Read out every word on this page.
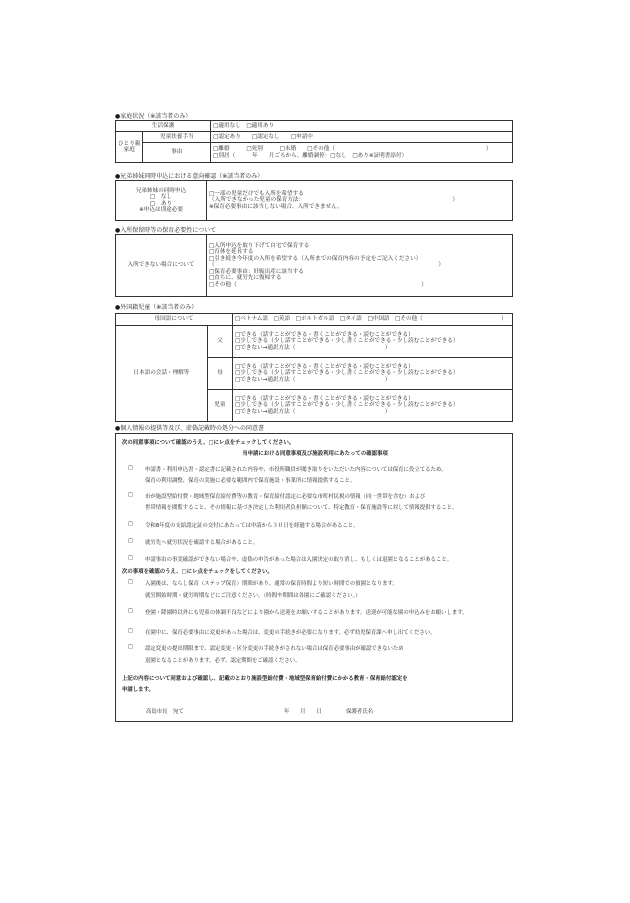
●家庭状況（※該当者のみ）
生活保護		□適用なし　□適用あり
ひとり親
家庭	児童扶養手当	□認定あり　　□認定なし　　□申請中
	事由	□離婚　　　□死別　　　□未婚　　□その他（　　　　　　　　　　　　　　　　　　　　　　　　　　　）
□別居（　　　年　　月ごろから、離婚調停：□なし　□あり※証明書添付）
●兄弟姉妹同時申込における意向確認（※該当者のみ）
兄弟姉妹の同時申込
□　なし
□　あり
※申込は別途必要

□一部の児童だけでも入所を希望する
（入所できなかった児童の保育方法：　　　　　　　　　　　　　　　　　　　　　　　　　　　）
※保育必要事由に該当しない場合、入所できません。
●入所保留時等の保育必要性について
入所できない場合について	
□入所申込を取り下げて自宅で保育する
□育休を延長する
□引き続き今年度の入所を希望する（入所までの保育内容の予定をご記入ください）
（　　　　　　　　　　　　　　　　　　　　　　　　　　　　　　　　　　　　　　　　）
□保育必要事由：妊娠出産に該当する
□直ちに、就労先に復帰する
□その他（　　　　　　　　　　　　　　　　　　　　　　　　　　　　　　　　　）
●外国籍児童（※該当者のみ）
母国語について		□ベトナム語　□英語　□ポルトガル語　□タイ語　□中国語　□その他（　　　　　　　　　　　　　　）
日本語の会話・理解等	父	□できる（話すことができる・書くことができる・読むことができる）
□少しできる（少し話すことができる・少し書くことができる・少し読むことができる）
□できない→通訳方法（　　　　　　　　　　　　　　　　）

	母	□できる（話すことができる・書くことができる・読むことができる）
□少しできる（少し話すことができる・少し書くことができる・少し読むことができる）
□できない→通訳方法（　　　　　　　　　　　　　　　　）

	児童	□できる（話すことができる・書くことができる・読むことができる）
□少しできる（少し話すことができる・少し書くことができる・少し読むことができる）
□できない→通訳方法（　　　　　　　　　　　　　　　　）
●個人情報の提供等及び、虚偽記載時の処分への同意書
次の同意事項について確認のうえ、□にレ点をチェックしてください。
当申請における同意事項及び施設利用にあたっての確認事項
□ 申請書・利用申込書・認定書に記載された内容や、市役所職員が聞き取りをいただいた内容については保育に役立てるため、
保育の利用調整、保育の実施に必要な範囲内で保育施設・事業所に情報提供すること。
□ 市が施設型給付費・地域型保育給付費等の教育・保育給付認定に必要な市町村民税の情報（同一世帯を含む）および
世帯情報を閲覧すること。その情報に基づき決定した利用者負担額について、特定教育・保育施設等に対して情報提供すること。
□ 令和8年度の支給認定証の交付にあたっては申請から３０日を経過する場合があること。
□ 就労先へ就労状況を確認する場合があること。
□ 申請事由の事実確認ができない場合や、虚偽の申告があった場合は入園決定の取り消し、もしくは退園となることがあること。
次の事項を確認のうえ、□にレ点をチェックをしてください。
□ 入園後は、ならし保育（ステップ保育）期間があり、通常の保育時間より短い時間での預園となります。
就労開始時期・就労時期などにご注意ください。（時間や期間は各園にご確認ください。）
□ 登園・降園時以外にも児童の体調不良などにより園から送迎をお願いすることがあります。送迎が可能な園の申込みをお願いします。
□ 在園中に、保育必要事由に変更があった場合は、変更の手続きが必要になります。必ず幼児保育課へ申し出てください。
□ 認定変更の提出期限まで、認定変更・区分変更の手続きがされない場合は保育必要事由が確認できないため
退園となることがあります。必ず、認定期間をご確認ください。
上記の内容について同意および確認し、記載のとおり施設型給付費・地域型保育給付費にかかる教育・保育給付認定を
申請します。
高島市長　宛て	年　　月　　日	保護者氏名
